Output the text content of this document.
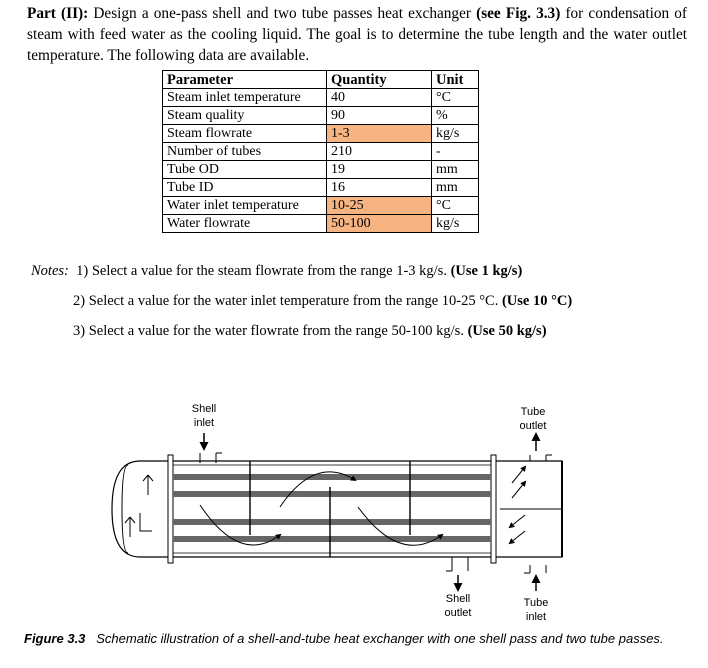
Part (II): Design a one-pass shell and two tube passes heat exchanger (see Fig. 3.3) for condensation of steam with feed water as the cooling liquid. The goal is to determine the tube length and the water outlet temperature. The following data are available.
Parameter	Quantity	Unit
Steam inlet temperature	40	°C
Steam quality	90	%
Steam flowrate	1-3	kg/s
Number of tubes	210	-
Tube OD	19	mm
Tube ID	16	mm
Water inlet temperature	10-25	°C
Water flowrate	50-100	kg/s
Notes: 1) Select a value for the steam flowrate from the range 1-3 kg/s. (Use 1 kg/s)
2) Select a value for the water inlet temperature from the range 10-25 °C. (Use 10 °C)
3) Select a value for the water flowrate from the range 50-100 kg/s. (Use 50 kg/s)
Shell
inlet
Tube
outlet
Shell
outlet
Tube
inlet
Figure 3.3 Schematic illustration of a shell-and-tube heat exchanger with one shell pass and two tube passes.
